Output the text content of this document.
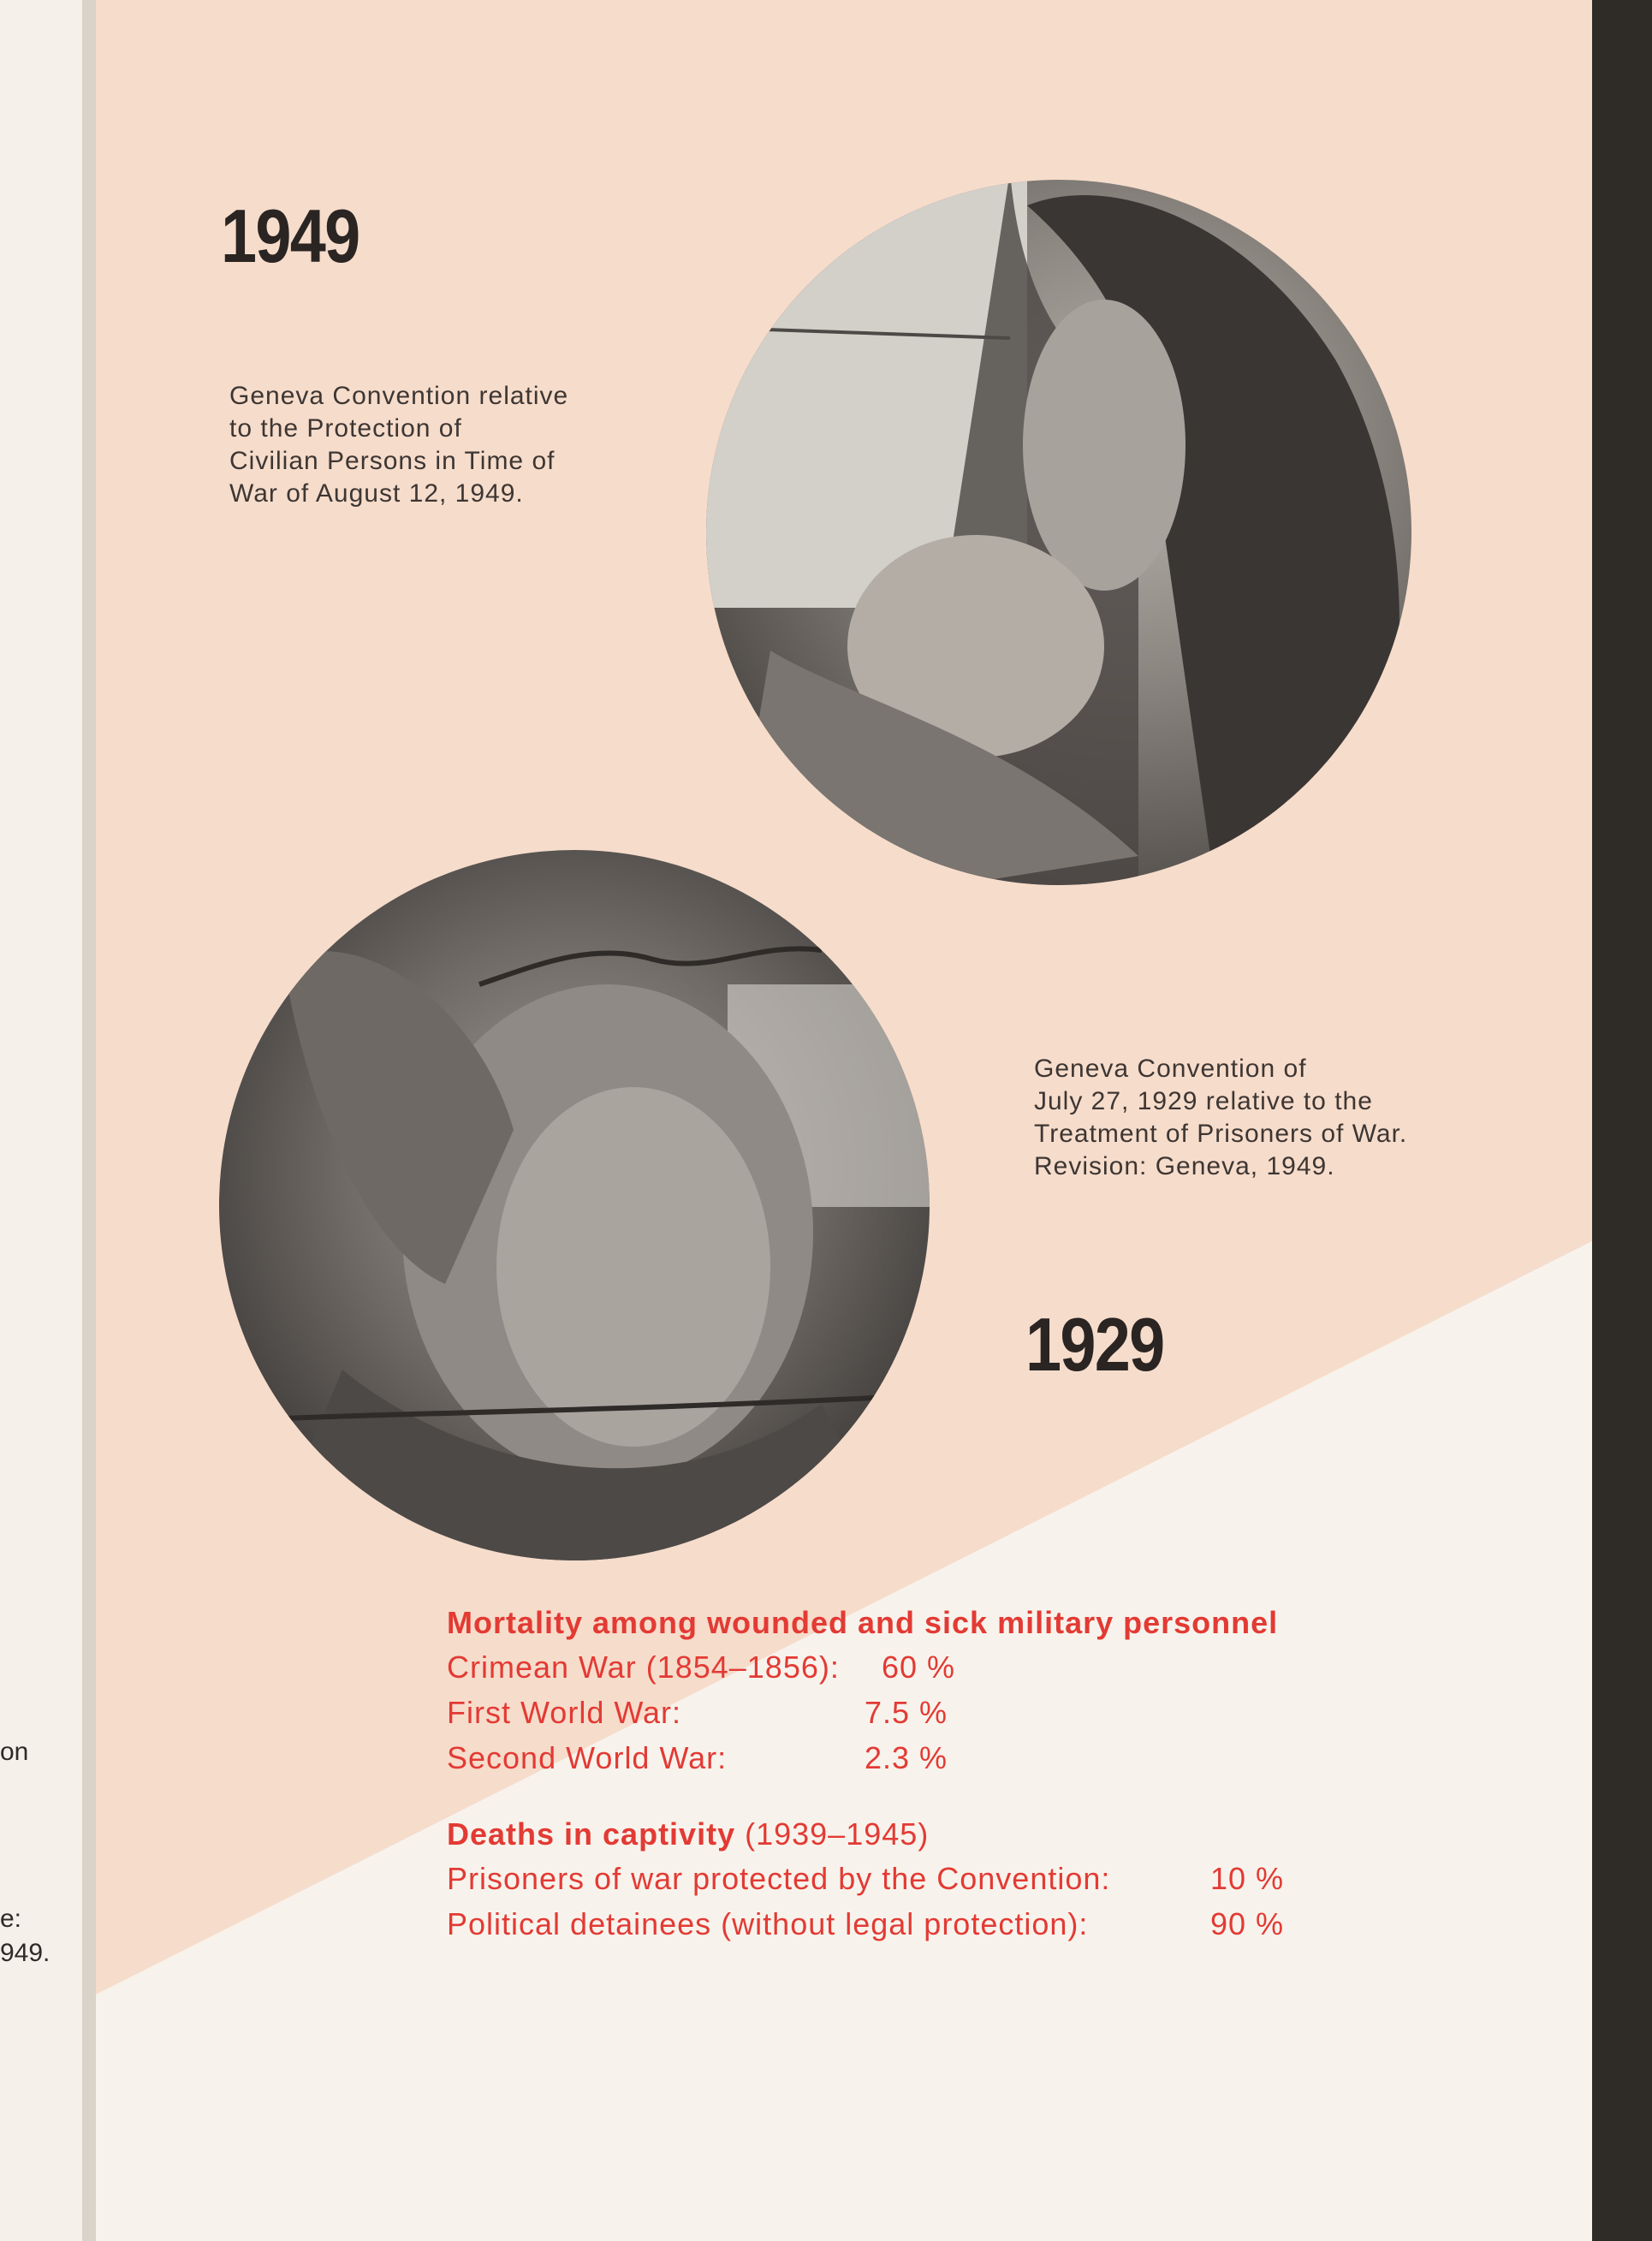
on
e:
949.
1949
Geneva Convention relative
to the Protection of
Civilian Persons in Time of
War of August 12, 1949.
Geneva Convention of
July 27, 1929 relative to the
Treatment of Prisoners of War.
Revision: Geneva, 1949.
1929
Mortality among wounded and sick military personnel
Crimean War (1854–1856): 60 %
First World War:	7.5 %
Second World War:	2.3 %
Deaths in captivity (1939–1945)
Prisoners of war protected by the Convention:	10 %
Political detainees (without legal protection):	90 %
